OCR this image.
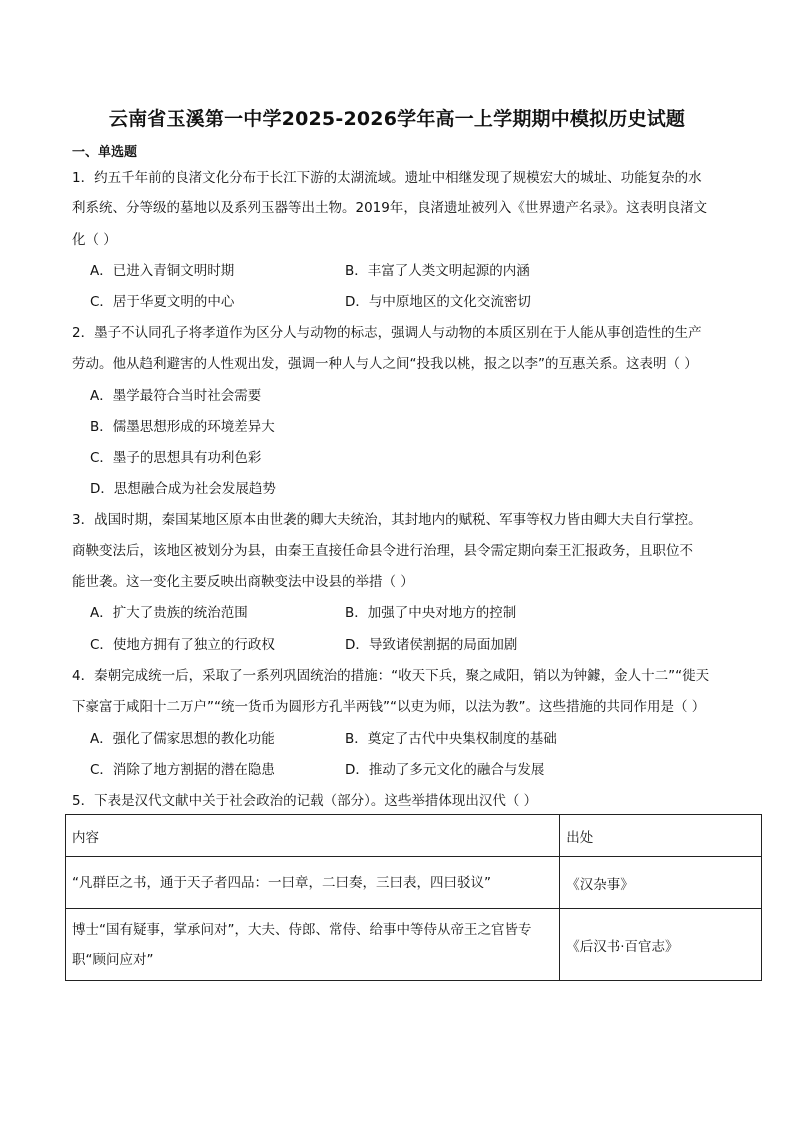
云南省玉溪第一中学2025-2026学年高一上学期期中模拟历史试题
一、单选题
1．约五千年前的良渚文化分布于长江下游的太湖流域。遗址中相继发现了规模宏大的城址、功能复杂的水
利系统、分等级的墓地以及系列玉器等出土物。2019年，良渚遗址被列入《世界遗产名录》。这表明良渚文
化（ ）
A．已进入青铜文明时期	B．丰富了人类文明起源的内涵
C．居于华夏文明的中心	D．与中原地区的文化交流密切
2．墨子不认同孔子将孝道作为区分人与动物的标志，强调人与动物的本质区别在于人能从事创造性的生产
劳动。他从趋利避害的人性观出发，强调一种人与人之间“投我以桃，报之以李”的互惠关系。这表明（ ）
A．墨学最符合当时社会需要
B．儒墨思想形成的环境差异大
C．墨子的思想具有功利色彩
D．思想融合成为社会发展趋势
3．战国时期，秦国某地区原本由世袭的卿大夫统治，其封地内的赋税、军事等权力皆由卿大夫自行掌控。
商鞅变法后，该地区被划分为县，由秦王直接任命县令进行治理，县令需定期向秦王汇报政务，且职位不
能世袭。这一变化主要反映出商鞅变法中设县的举措（ ）
A．扩大了贵族的统治范围	B．加强了中央对地方的控制
C．使地方拥有了独立的行政权	D．导致诸侯割据的局面加剧
4．秦朝完成统一后，采取了一系列巩固统治的措施：“收天下兵，聚之咸阳，销以为钟鐻，金人十二”“徙天
下豪富于咸阳十二万户”“统一货币为圆形方孔半两钱”“以吏为师，以法为教”。这些措施的共同作用是（ ）
A．强化了儒家思想的教化功能	B．奠定了古代中央集权制度的基础
C．消除了地方割据的潜在隐患	D．推动了多元文化的融合与发展
5．下表是汉代文献中关于社会政治的记载（部分）。这些举措体现出汉代（ ）
内容	出处

“凡群臣之书，通于天子者四品：一曰章，二曰奏，三曰表，四曰驳议”	《汉杂事》

博士“国有疑事，掌承问对”，大夫、侍郎、常侍、给事中等侍从帝王之官皆专
职“顾问应对”	《后汉书·百官志》
